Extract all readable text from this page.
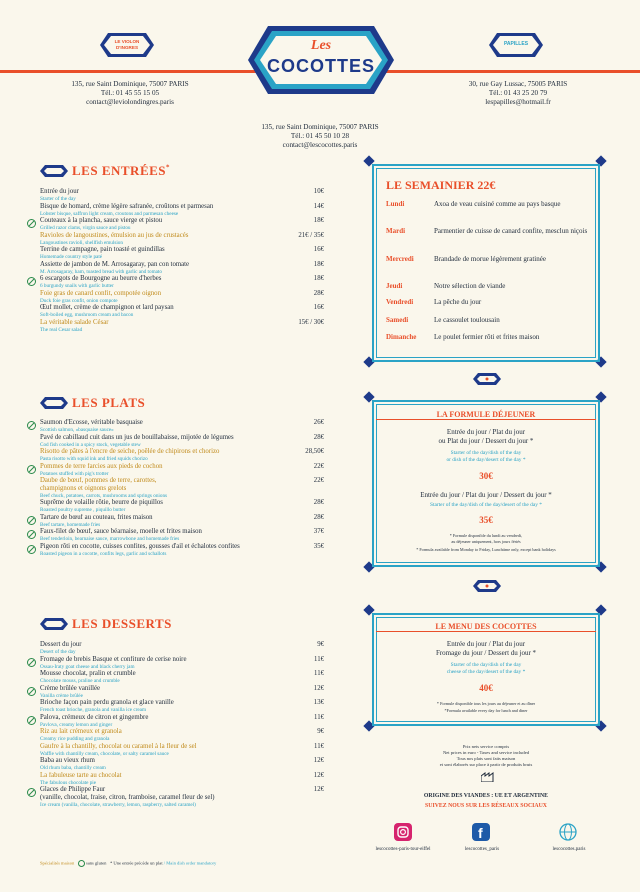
LE VIOLON D'INGRES
PAPILLES
Les
COCOTTES
135, rue Saint Dominique, 75007 PARIS
Tél.: 01 45 55 15 05
contact@leviolondingres.paris
135, rue Saint Dominique, 75007 PARIS
Tél.: 01 45 50 10 28
contact@lescocottes.paris
30, rue Gay Lussac, 75005 PARIS
Tél.: 01 43 25 20 79
lespapilles@hotmail.fr
LES ENTRÉES*
LES PLATS
LES DESSERTS
Entrée du jour
Starter of the day
10€
Bisque de homard, crème légère safranée, croûtons et parmesan
Lobster bisque, saffron light cream, croutons and parmesan cheese
14€
Couteaux à la plancha, sauce vierge et pistou
Grilled razor clams, virgin sauce and pistou
18€
Ravioles de langoustines, émulsion au jus de crustacés
Langoustines ravioli, shellfish emulsion
21€ / 35€
Terrine de campagne, pain toasté et guindillas
Homemade country style paté
16€
Assiette de jambon de M. Arrosagaray, pan con tomate
M. Arrosagaray, ham, toasted bread with garlic and tomato
18€
6 escargots de Bourgogne au beurre d'herbes
6 burgundy snails with garlic butter
18€
Foie gras de canard confit, compotée oignon
Duck foie gras confit, onion compote
28€
Œuf mollet, crème de champignon et lard paysan
Soft-boiled egg, mushroom cream and bacon
16€
La véritable salade César
The real Cesar salad
15€ / 30€
Saumon d'Écosse, véritable basquaise
Scottish salmon, «basquaise sauce»
26€
Pavé de cabillaud cuit dans un jus de bouillabaisse, mijotée de légumes
Cod fish cooked in a spicy stock, vegetable stew
28€
Risotto de pâtes à l'encre de seiche, poêlée de chipirons et chorizo
Pasta risotto with squid ink and fried squids chorizo
28,50€
Pommes de terre farcies aux pieds de cochon
Potatoes stuffed with pig's trotter
22€
Daube de bœuf, pommes de terre, carottes,
champignons et oignons grelots
Beef chuck, potatoes, carrots, mushrooms and springs onions
22€
Suprême de volaille rôtie, beurre de piquillos
Roasted poultry supreme , piquillo butter
28€
Tartare de bœuf au couteau, frites maison
Beef tartare, homemade fries
28€
Faux-filet de bœuf, sauce béarnaise, moelle et frites maison
Beef tenderloin, bearnaise sauce, marrowbone and homemade fries
37€
Pigeon rôti en cocotte, cuisses confites, gousses d'ail et échalotes confites
Roasted pigeon in a cocotte, confits legs, garlic and schallots
35€
Dessert du jour
Desert of the day
9€
Fromage de brebis Basque et confiture de cerise noire
Ossau-Iraty goat cheese and black cherry jam
11€
Mousse chocolat, pralin et crumble
Chocolate mouss, praline and crumble
11€
Crème brûlée vanillée
Vanilla crème brûlée
12€
Brioche façon pain perdu granola et glace vanille
French toast brioche, granola and vanilla ice cream
13€
Palova, crémeux de citron et gingembre
Pavlova, creamy lemon and ginger
11€
Riz au lait crémeux et granola
Creamy rice pudding and granola
9€
Gaufre à la chantilly, chocolat ou caramel à la fleur de sel
Waffle with chantilly cream, chocolate, or salty caramel sauce
11€
Baba au vieux rhum
Old rhum baba, chantilly cream
12€
La fabuleuse tarte au chocolat
The fabulous chocolate pie
12€
Glaces de Philippe Faur
(vanille, chocolat, fraise, citron, framboise, caramel fleur de sel)
Ice cream (vanilla, chocolate, strawberry, lemon, raspberry, salted caramel)
12€
Spécialités maison	sans gluten * Une entrée précède un plat / Main dish order mandatory
LE SEMAINIER 22€
Lundi	Axoa de veau cuisiné comme au pays basque
Mardi	Parmentier de cuisse de canard confite, mesclun niçois
Mercredi	Brandade de morue légèrement gratinée
Jeudi	Notre sélection de viande
Vendredi	La pêche du jour
Samedi	Le cassoulet toulousain
Dimanche	Le poulet fermier rôti et frites maison
LA FORMULE DÉJEUNER
Entrée du jour / Plat du jour
ou Plat du jour / Dessert du jour *
Starter of the day/dish of the day
or dish of the day/desert of the day *
30€
Entrée du jour / Plat du jour / Dessert du jour *
Starter of the day/dish of the day/desert of the day *
35€
* Formule disponible du lundi au vendredi,
au déjeuner uniquement, hors jours fériés
* Formula available from Monday to Friday, Lunchtime only, except bank holidays
LE MENU DES COCOTTES
Entrée du jour / Plat du jour
Fromage du jour / Dessert du jour *
Starter of the day/dish of the day
cheese of the day/desert of the day *
40€
* Formule disponible tous les jours au déjeuner et au dîner
*Formula available every day for lunch and diner
Prix nets service compris
Net prices in euro - Taxes and service included
Tous nos plats sont faits maison
et sont élaborés sur place à partir de produits bruts
ORIGINE DES VIANDES : UE ET ARGENTINE
SUIVEZ NOUS SUR LES RÉSEAUX SOCIAUX
f
lescocottes-paris-tour-eiffel	lescocottes_paris	lescocottes.paris
